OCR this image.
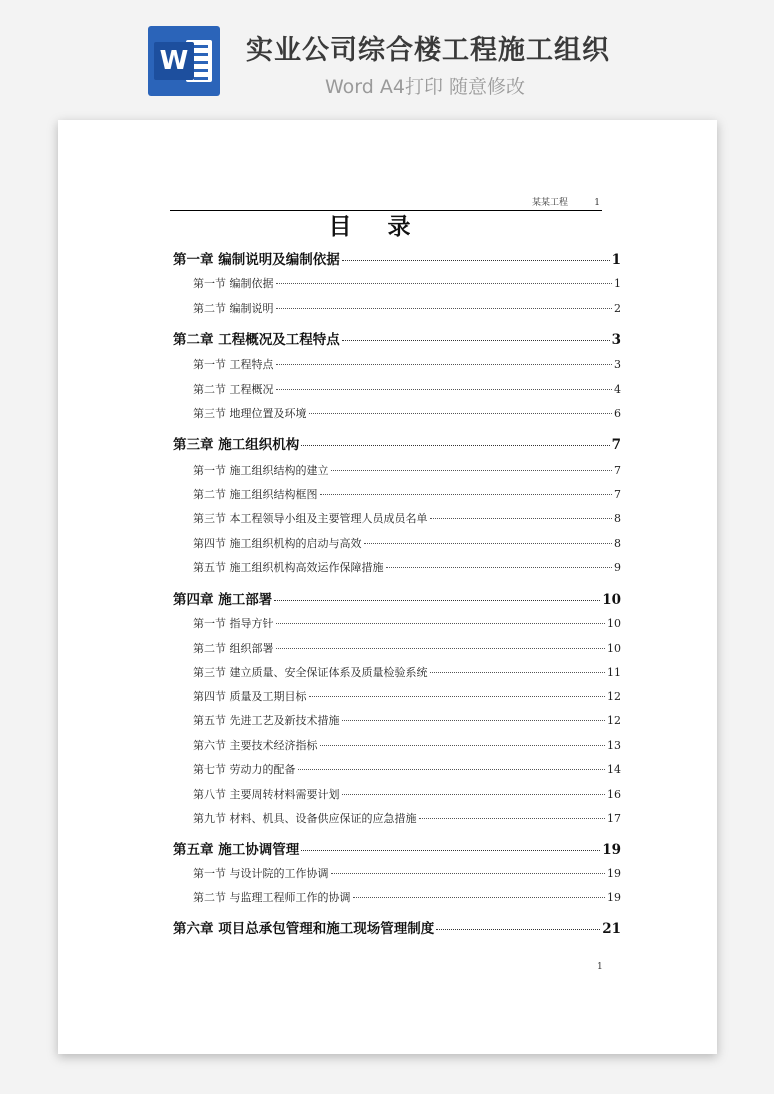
W 实业公司综合楼工程施工组织
Word A4打印 随意修改
某某工程	1
目录
第一章 编制说明及编制依据	1
第一节 编制依据	1
第二节 编制说明	2
第二章 工程概况及工程特点	3
第一节 工程特点	3
第二节 工程概况	4
第三节 地理位置及环境	6
第三章 施工组织机构	7
第一节 施工组织结构的建立	7
第二节 施工组织结构框图	7
第三节 本工程领导小组及主要管理人员成员名单	8
第四节 施工组织机构的启动与高效	8
第五节 施工组织机构高效运作保障措施	9
第四章 施工部署	10
第一节 指导方针	10
第二节 组织部署	10
第三节 建立质量、安全保证体系及质量检验系统	11
第四节 质量及工期目标	12
第五节 先进工艺及新技术措施	12
第六节 主要技术经济指标	13
第七节 劳动力的配备	14
第八节 主要周转材料需要计划	16
第九节 材料、机具、设备供应保证的应急措施	17
第五章 施工协调管理	19
第一节 与设计院的工作协调	19
第二节 与监理工程师工作的协调	19
第六章 项目总承包管理和施工现场管理制度	21
1
